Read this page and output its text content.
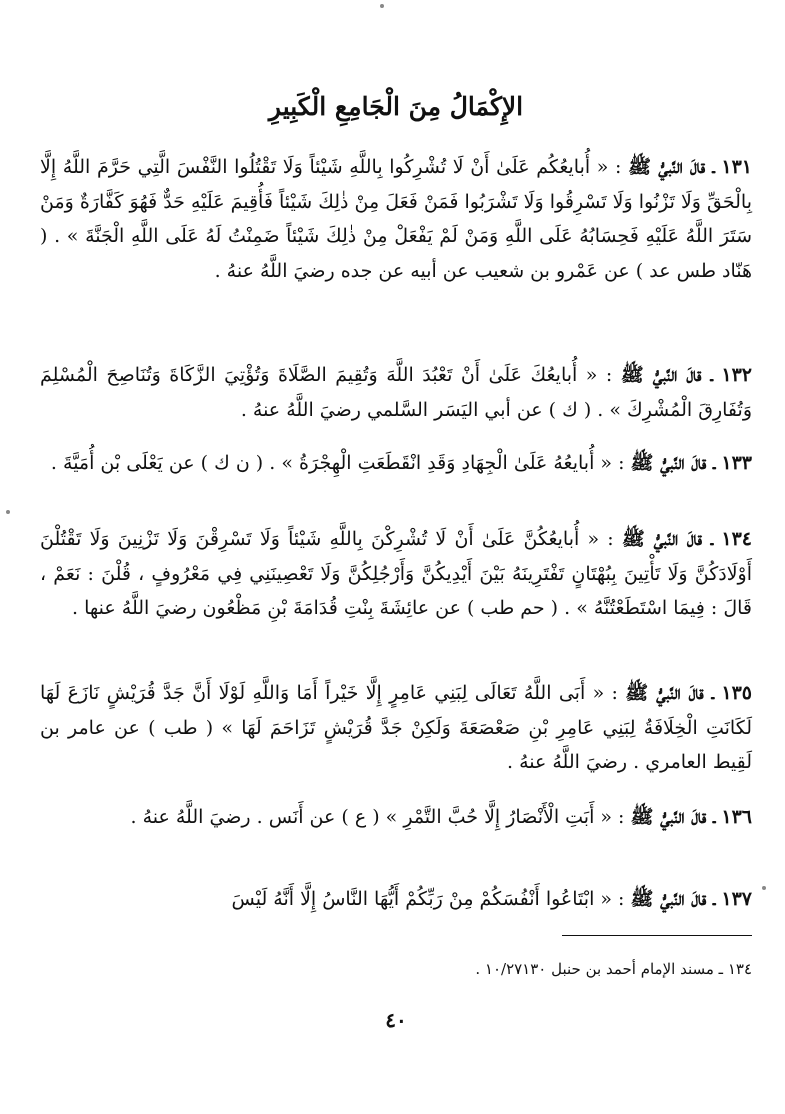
الإِكْمَالُ مِنَ الْجَامِعِ الْكَبِيرِ
١٣١ ـ قالَ النَّبيُّ ﷺ : « أُبايعُكُم عَلَىٰ أَنْ لَا تُشْرِكُوا بِاللَّهِ شَيْئاً وَلَا تَقْتُلُوا النَّفْسَ الَّتِي حَرَّمَ اللَّهُ إِلَّا بِالْحَقِّ وَلَا تَزْنُوا وَلَا تَسْرِقُوا وَلَا تَشْرَبُوا فَمَنْ فَعَلَ مِنْ ذٰلِكَ شَيْئاً فَأُقِيمَ عَلَيْهِ حَدٌّ فَهُوَ كَفَّارَةٌ وَمَنْ سَتَرَ اللَّهُ عَلَيْهِ فَحِسَابُهُ عَلَى اللَّهِ وَمَنْ لَمْ يَفْعَلْ مِنْ ذٰلِكَ شَيْئاً ضَمِنْتُ لَهُ عَلَى اللَّهِ الْجَنَّةَ » . ( هَنّاد طس عد ) عن عَمْرو بن شعيب عن أبيه عن جده رضيَ اللَّهُ عنهُ .
١٣٢ ـ قالَ النَّبيُّ ﷺ : « أُبايعُكَ عَلَىٰ أَنْ تَعْبُدَ اللَّهَ وَتُقِيمَ الصَّلَاةَ وَتُؤْتِيَ الزَّكَاةَ وَتُنَاصِحَ الْمُسْلِمَ وَتُفَارِقَ الْمُشْرِكَ » . ( ك ) عن أبي اليَسَر السَّلمي رضيَ اللَّهُ عنهُ .
١٣٣ ـ قالَ النَّبيُّ ﷺ : « أُبايعُهُ عَلَىٰ الْجِهَادِ وَقَدِ انْقَطَعَتِ الْهِجْرَةُ » . ( ن ك ) عن يَعْلَى بْن أُمَيَّةَ .
١٣٤ ـ قالَ النَّبيُّ ﷺ : « أُبايعُكُنَّ عَلَىٰ أَنْ لَا تُشْرِكْنَ بِاللَّهِ شَيْئاً وَلَا تَسْرِقْنَ وَلَا تَزْنِينَ وَلَا تَقْتُلْنَ أَوْلَادَكُنَّ وَلَا تَأْتِينَ بِبُهْتَانٍ تَفْتَرِينَهُ بَيْنَ أَيْدِيكُنَّ وَأَرْجُلِكُنَّ وَلَا تَعْصِينَنِي فِي مَعْرُوفٍ ، قُلْنَ : نَعَمْ ، قَالَ : فِيمَا اسْتَطَعْتُنَّهُ » . ( حم طب ) عن عائِشَةَ بِنْتِ قُدَامَةَ بْنِ مَظْعُون رضيَ اللَّهُ عنها .
١٣٥ ـ قالَ النَّبيُّ ﷺ : « أَبَى اللَّهُ تَعَالَى لِبَنِي عَامِرٍ إِلَّا خَيْراً أَمَا وَاللَّهِ لَوْلَا أَنَّ جَدَّ قُرَيْشٍ نَازَعَ لَهَا لَكَانَتِ الْخِلَافَةُ لِبَنِي عَامِرِ بْنِ صَعْصَعَةَ وَلَكِنْ جَدَّ قُرَيْشٍ تَزَاحَمَ لَهَا » ( طب ) عن عامر بن لَقِيط العامري . رضيَ اللَّهُ عنهُ .
١٣٦ ـ قالَ النَّبيُّ ﷺ : « أَبَتِ الْأَنْصَارُ إِلَّا حُبَّ التَّمْرِ » ( ع ) عن أَنَس . رضيَ اللَّهُ عنهُ .
١٣٧ ـ قالَ النَّبيُّ ﷺ : « ابْتَاعُوا أَنْفُسَكُمْ مِنْ رَبِّكُمْ أَيُّهَا النَّاسُ إِلَّا أَنَّهُ لَيْسَ
١٣٤ ـ مسند الإمام أحمد بن حنبل ١٠/٢٧١٣٠ .
٤٠
